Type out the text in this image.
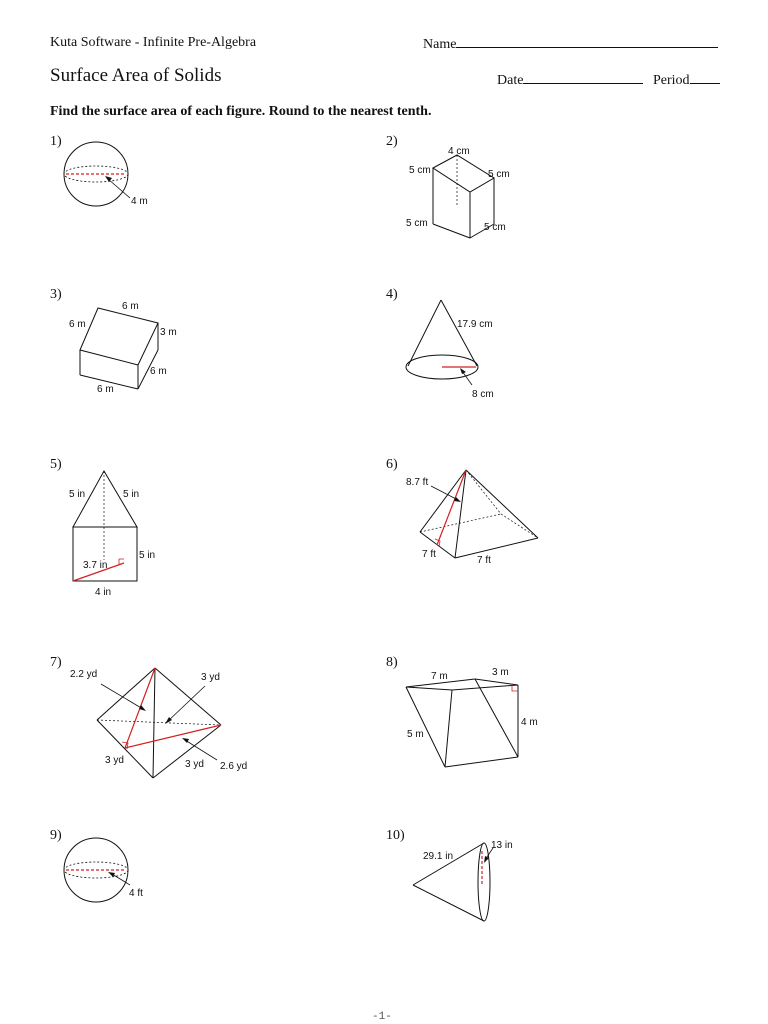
Kuta Software - Infinite Pre-Algebra	Name
Surface Area of Solids	Date	Period
Find the surface area of each figure. Round to the nearest tenth.
1)	2)
3)	4)
5)	6)
7)	8)
9)	10)
4 m
4 cm
5 cm	5 cm
5 cm	5 cm
6 m
6 m
3 m
6 m
6 m
17.9 cm
8 cm
5 in	5 in
5 in
3.7 in
4 in
8.7 ft
7 ft
7 ft
2.2 yd	3 yd
3 yd	3 yd 2.6 yd
7 m	3 m
4 m
5 m
4 ft
29.1 in
13 in
-1-
